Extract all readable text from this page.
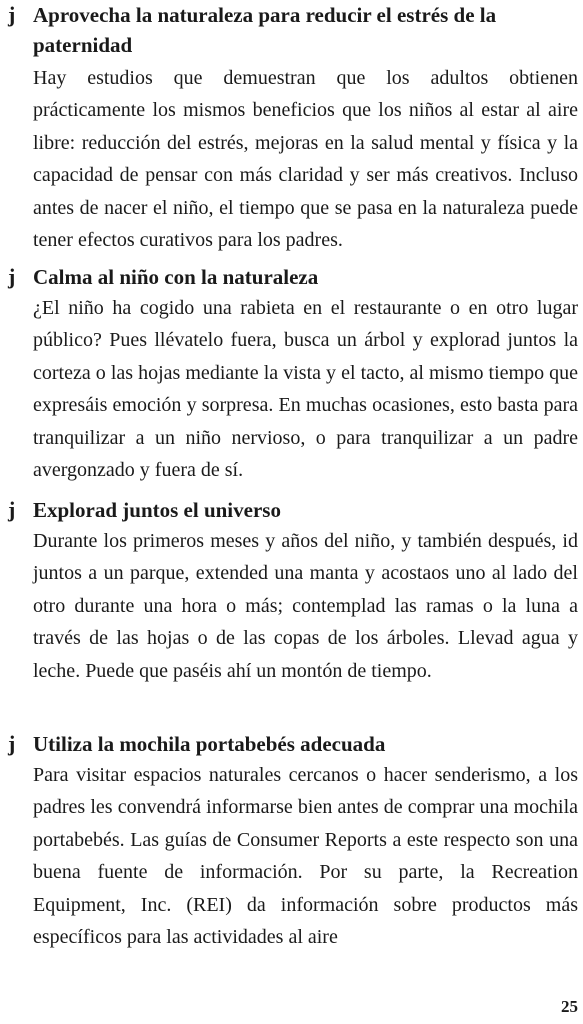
j Aprovecha la naturaleza para reducir el estrés de la paternidad
Hay estudios que demuestran que los adultos obtienen prácticamente los mismos beneficios que los niños al estar al aire libre: reducción del estrés, mejoras en la salud mental y física y la capacidad de pensar con más claridad y ser más creativos. Incluso antes de nacer el niño, el tiempo que se pasa en la naturaleza puede tener efectos curativos para los padres.
j Calma al niño con la naturaleza
¿El niño ha cogido una rabieta en el restaurante o en otro lugar público? Pues llévatelo fuera, busca un árbol y explorad juntos la corteza o las hojas mediante la vista y el tacto, al mismo tiempo que expresáis emoción y sorpresa. En muchas ocasiones, esto basta para tranquilizar a un niño nervioso, o para tranquilizar a un padre avergonzado y fuera de sí.
j Explorad juntos el universo
Durante los primeros meses y años del niño, y también después, id juntos a un parque, extended una manta y acostaos uno al lado del otro durante una hora o más; contemplad las ramas o la luna a través de las hojas o de las copas de los árboles. Llevad agua y leche. Puede que paséis ahí un montón de tiempo.
j Utiliza la mochila portabebés adecuada
Para visitar espacios naturales cercanos o hacer senderismo, a los padres les convendrá informarse bien antes de comprar una mochila portabebés. Las guías de Consumer Reports a este respecto son una buena fuente de información. Por su parte, la Recreation Equipment, Inc. (REI) da información sobre productos más específicos para las actividades al aire
25
